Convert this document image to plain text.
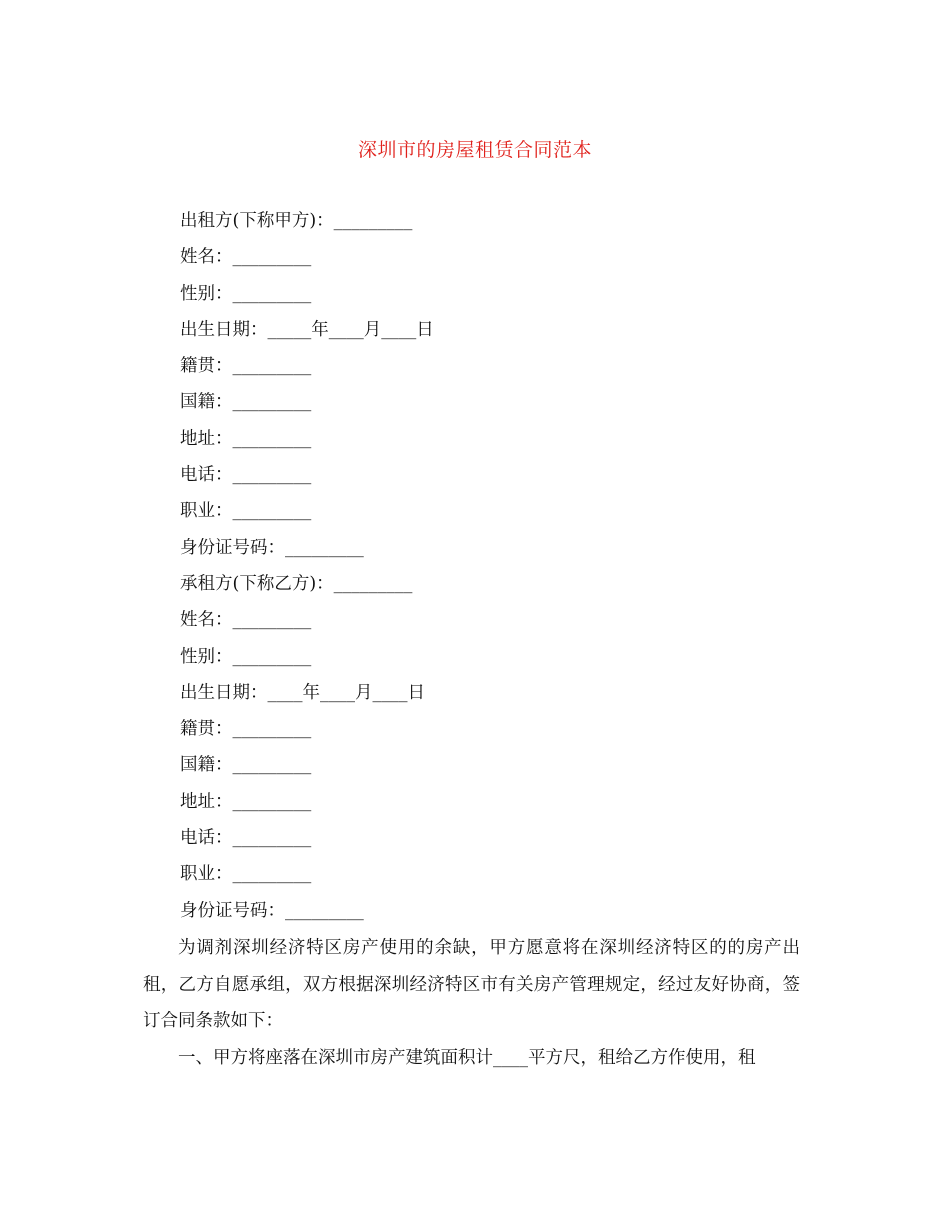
深圳市的房屋租赁合同范本
出租方(下称甲方)：_________
姓名：_________
性别：_________
出生日期：_____年____月____日
籍贯：_________
国籍：_________
地址：_________
电话：_________
职业：_________
身份证号码：_________
承租方(下称乙方)：_________
姓名：_________
性别：_________
出生日期：____年____月____日
籍贯：_________
国籍：_________
地址：_________
电话：_________
职业：_________
身份证号码：_________

为调剂深圳经济特区房产使用的余缺，甲方愿意将在深圳经济特区的的房产出租，乙方自愿承组，双方根据深圳经济特区市有关房产管理规定，经过友好协商，签订合同条款如下：

一、甲方将座落在深圳市房产建筑面积计____平方尺，租给乙方作使用，租
